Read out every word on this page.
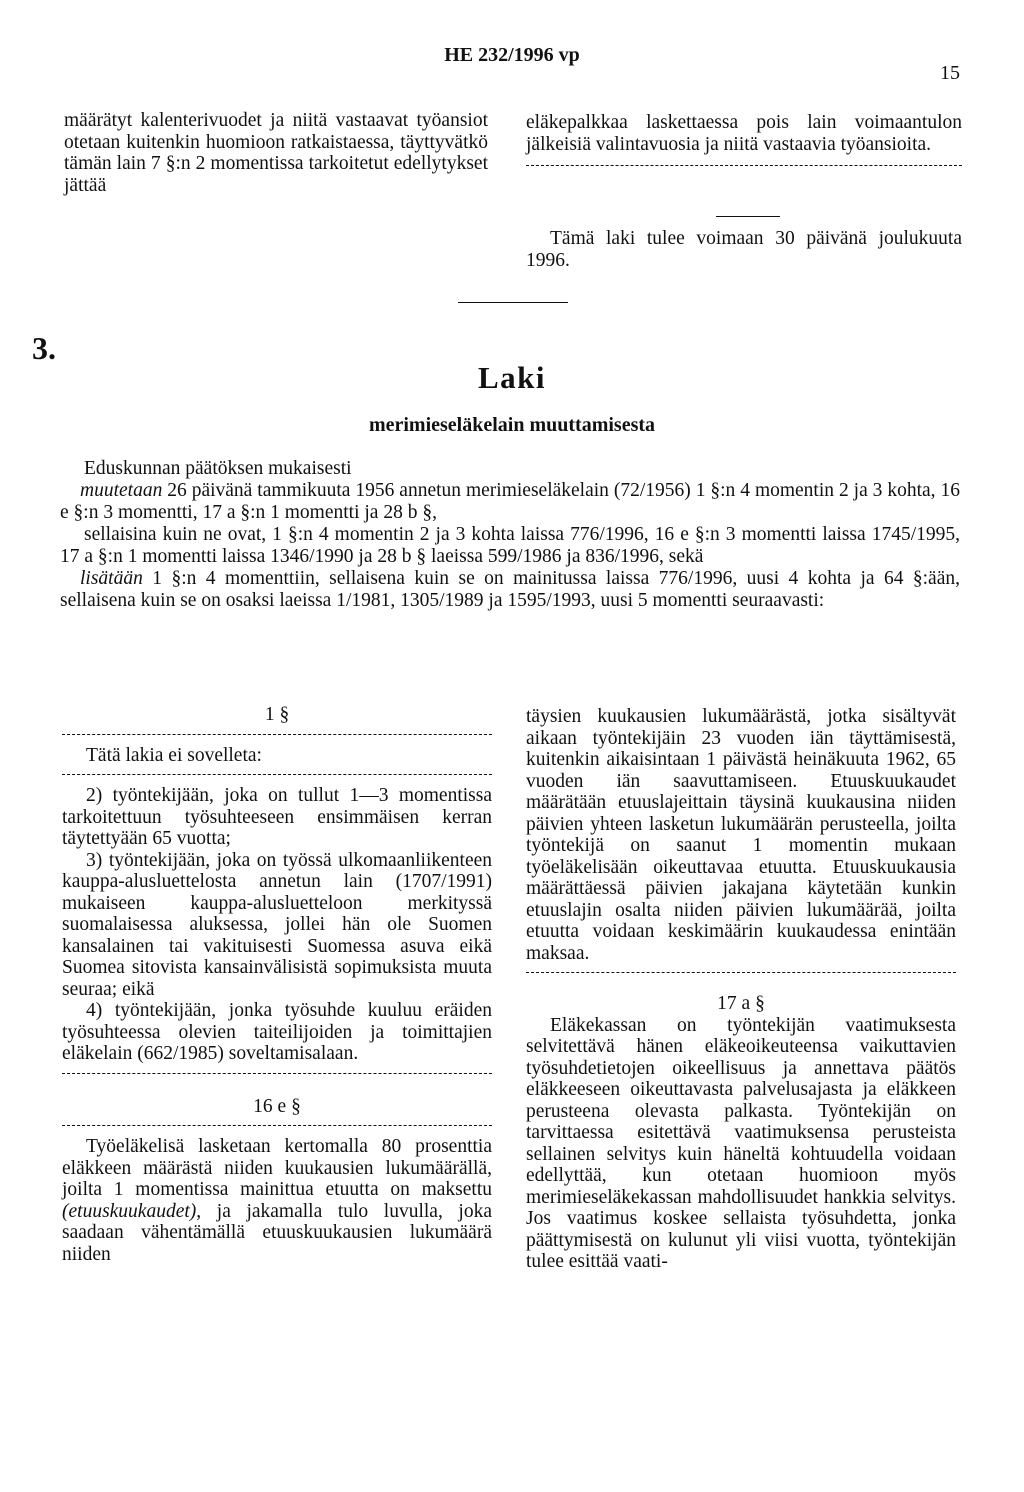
HE 232/1996 vp
15

määrätyt kalenterivuodet ja niitä vastaavat työansiot otetaan kuitenkin huomioon ratkaistaessa, täyttyvätkö tämän lain 7 §:n 2 momentissa tarkoitetut edellytykset jättää

eläkepalkkaa laskettaessa pois lain voimaantulon jälkeisiä valintavuosia ja niitä vastaavia työansioita.

Tämä laki tulee voimaan 30 päivänä joulukuuta 1996.

3.
Laki
merimieseläkelain muuttamisesta

Eduskunnan päätöksen mukaisesti

muutetaan 26 päivänä tammikuuta 1956 annetun merimieseläkelain (72/1956) 1 §:n 4 momentin 2 ja 3 kohta, 16 e §:n 3 momentti, 17 a §:n 1 momentti ja 28 b §,

sellaisina kuin ne ovat, 1 §:n 4 momentin 2 ja 3 kohta laissa 776/1996, 16 e §:n 3 momentti laissa 1745/1995, 17 a §:n 1 momentti laissa 1346/1990 ja 28 b § laeissa 599/1986 ja 836/1996, sekä

lisätään 1 §:n 4 momenttiin, sellaisena kuin se on mainitussa laissa 776/1996, uusi 4 kohta ja 64 §:ään, sellaisena kuin se on osaksi laeissa 1/1981, 1305/1989 ja 1595/1993, uusi 5 momentti seuraavasti:

1 §

Tätä lakia ei sovelleta:

2) työntekijään, joka on tullut 1—3 momentissa tarkoitettuun työsuhteeseen ensimmäisen kerran täytettyään 65 vuotta;

3) työntekijään, joka on työssä ulkomaanliikenteen kauppa-alusluettelosta annetun lain (1707/1991) mukaiseen kauppa-alusluetteloon merkityssä suomalaisessa aluksessa, jollei hän ole Suomen kansalainen tai vakituisesti Suomessa asuva eikä Suomea sitovista kansainvälisistä sopimuksista muuta seuraa; eikä

4) työntekijään, jonka työsuhde kuuluu eräiden työsuhteessa olevien taiteilijoiden ja toimittajien eläkelain (662/1985) soveltamisalaan.

16 e §

Työeläkelisä lasketaan kertomalla 80 prosenttia eläkkeen määrästä niiden kuukausien lukumäärällä, joilta 1 momentissa mainittua etuutta on maksettu (etuuskuukaudet), ja jakamalla tulo luvulla, joka saadaan vähentämällä etuuskuukausien lukumäärä niiden

täysien kuukausien lukumäärästä, jotka sisältyvät aikaan työntekijäin 23 vuoden iän täyttämisestä, kuitenkin aikaisintaan 1 päivästä heinäkuuta 1962, 65 vuoden iän saavuttamiseen. Etuuskuukaudet määrätään etuuslajeittain täysinä kuukausina niiden päivien yhteen lasketun lukumäärän perusteella, joilta työntekijä on saanut 1 momentin mukaan työeläkelisään oikeuttavaa etuutta. Etuuskuukausia määrättäessä päivien jakajana käytetään kunkin etuuslajin osalta niiden päivien lukumäärää, joilta etuutta voidaan keskimäärin kuukaudessa enintään maksaa.

17 a §

Eläkekassan on työntekijän vaatimuksesta selvitettävä hänen eläkeoikeuteensa vaikuttavien työsuhdetietojen oikeellisuus ja annettava päätös eläkkeeseen oikeuttavasta palvelusajasta ja eläkkeen perusteena olevasta palkasta. Työntekijän on tarvittaessa esitettävä vaatimuksensa perusteista sellainen selvitys kuin häneltä kohtuudella voidaan edellyttää, kun otetaan huomioon myös merimieseläkekassan mahdollisuudet hankkia selvitys. Jos vaatimus koskee sellaista työsuhdetta, jonka päättymisestä on kulunut yli viisi vuotta, työntekijän tulee esittää vaati-
